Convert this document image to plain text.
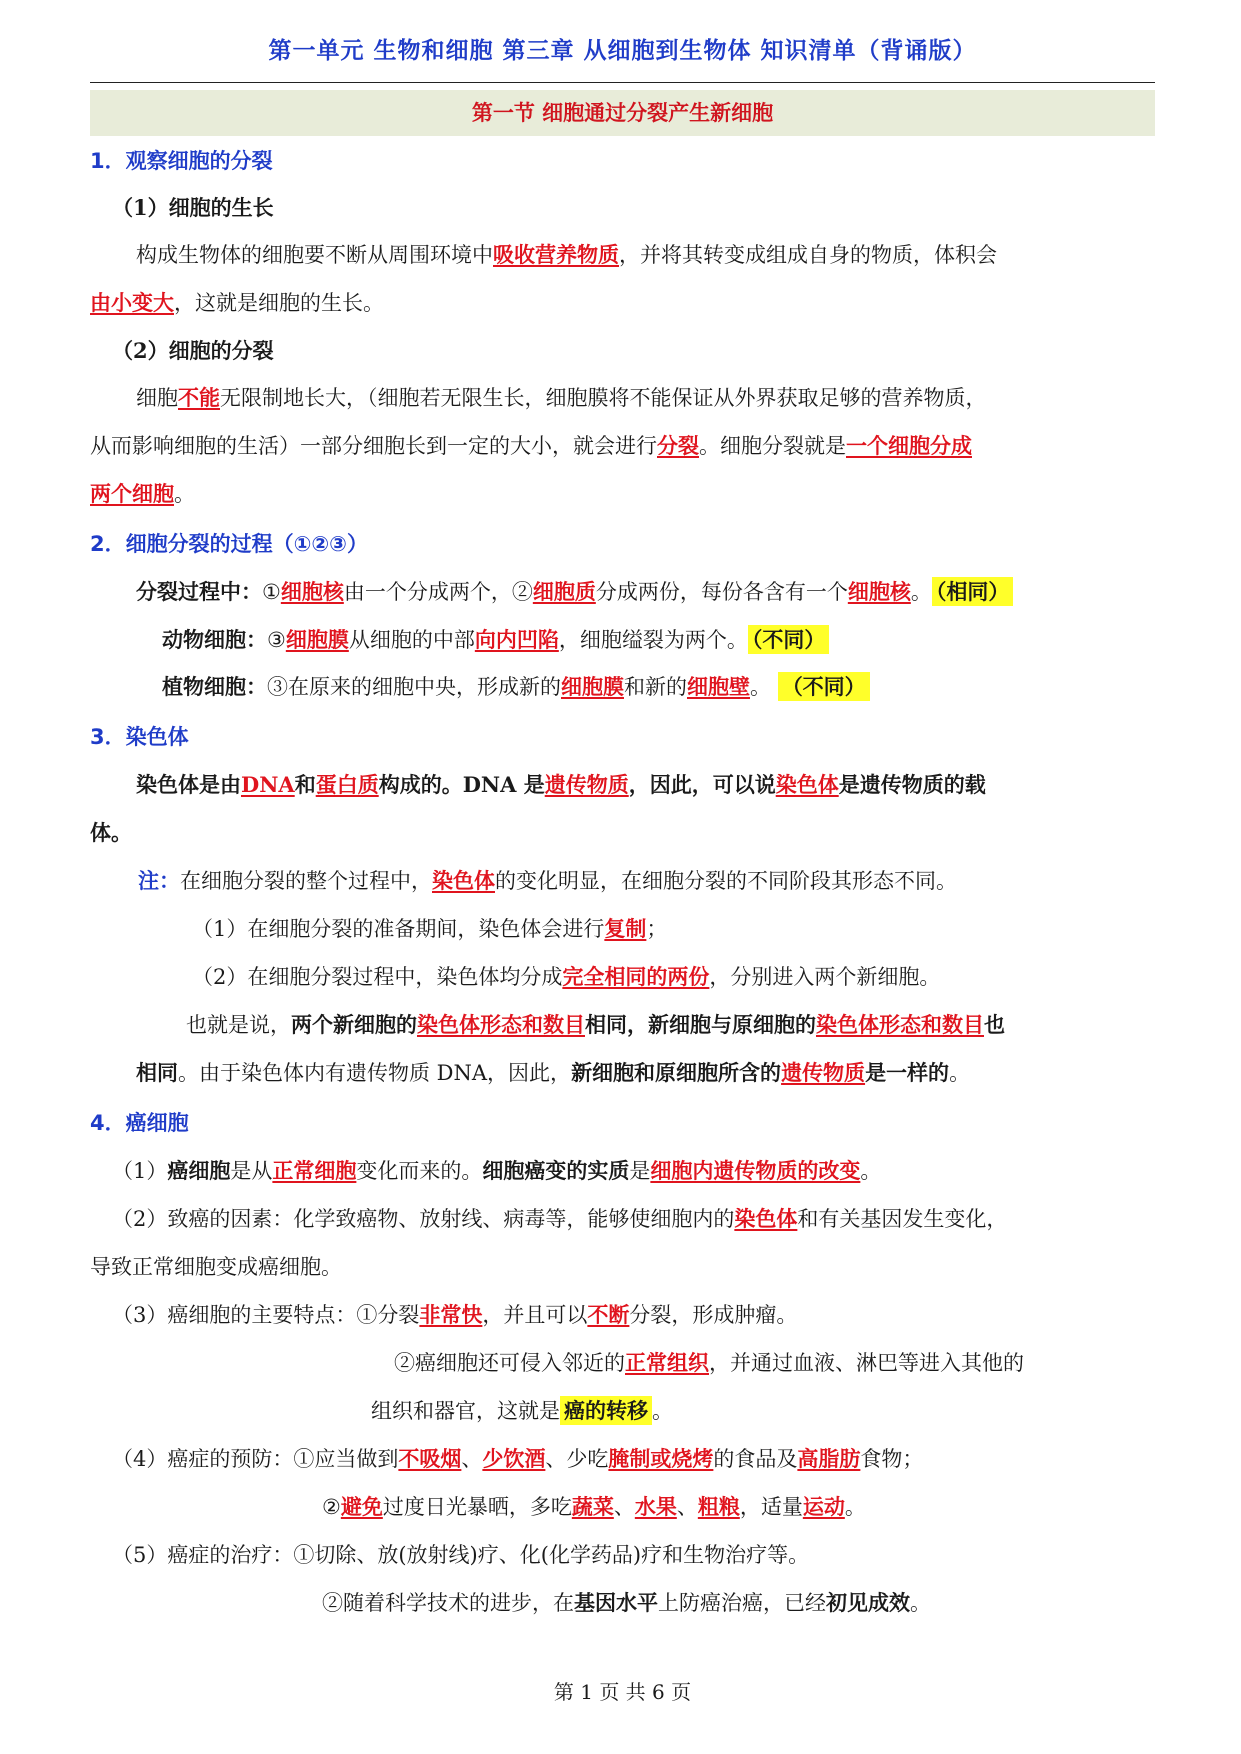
第一单元 生物和细胞 第三章 从细胞到生物体 知识清单（背诵版）
第一节 细胞通过分裂产生新细胞
1．观察细胞的分裂
（1）细胞的生长
构成生物体的细胞要不断从周围环境中吸收营养物质，并将其转变成组成自身的物质，体积会
由小变大，这就是细胞的生长。
（2）细胞的分裂
细胞不能无限制地长大，（细胞若无限生长，细胞膜将不能保证从外界获取足够的营养物质，
从而影响细胞的生活）一部分细胞长到一定的大小，就会进行分裂。细胞分裂就是一个细胞分成
两个细胞。
2．细胞分裂的过程（①②③）
分裂过程中：①细胞核由一个分成两个，②细胞质分成两份，每份各含有一个细胞核。 （相同）
动物细胞：③细胞膜从细胞的中部向内凹陷，细胞缢裂为两个。 （不同）
植物细胞：③在原来的细胞中央，形成新的细胞膜和新的细胞壁。 （不同）
3．染色体
染色体是由DNA和蛋白质构成的。DNA 是遗传物质，因此，可以说染色体是遗传物质的载
体。
注：在细胞分裂的整个过程中，染色体的变化明显，在细胞分裂的不同阶段其形态不同。
（1）在细胞分裂的准备期间，染色体会进行复制；
（2）在细胞分裂过程中，染色体均分成完全相同的两份，分别进入两个新细胞。
也就是说，两个新细胞的染色体形态和数目相同，新细胞与原细胞的染色体形态和数目也
相同。由于染色体内有遗传物质 DNA，因此，新细胞和原细胞所含的遗传物质是一样的。
4．癌细胞
（1）癌细胞是从正常细胞变化而来的。细胞癌变的实质是细胞内遗传物质的改变。
（2）致癌的因素：化学致癌物、放射线、病毒等，能够使细胞内的染色体和有关基因发生变化，
导致正常细胞变成癌细胞。
（3）癌细胞的主要特点：①分裂非常快，并且可以不断分裂，形成肿瘤。
②癌细胞还可侵入邻近的正常组织，并通过血液、淋巴等进入其他的
组织和器官，这就是 癌的转移 。
（4）癌症的预防：①应当做到不吸烟、少饮酒、少吃腌制或烧烤的食品及高脂肪食物；
②避免过度日光暴晒，多吃蔬菜、水果、粗粮，适量运动。
（5）癌症的治疗：①切除、放(放射线)疗、化(化学药品)疗和生物治疗等。
②随着科学技术的进步，在基因水平上防癌治癌，已经初见成效。
第 1 页 共 6 页
